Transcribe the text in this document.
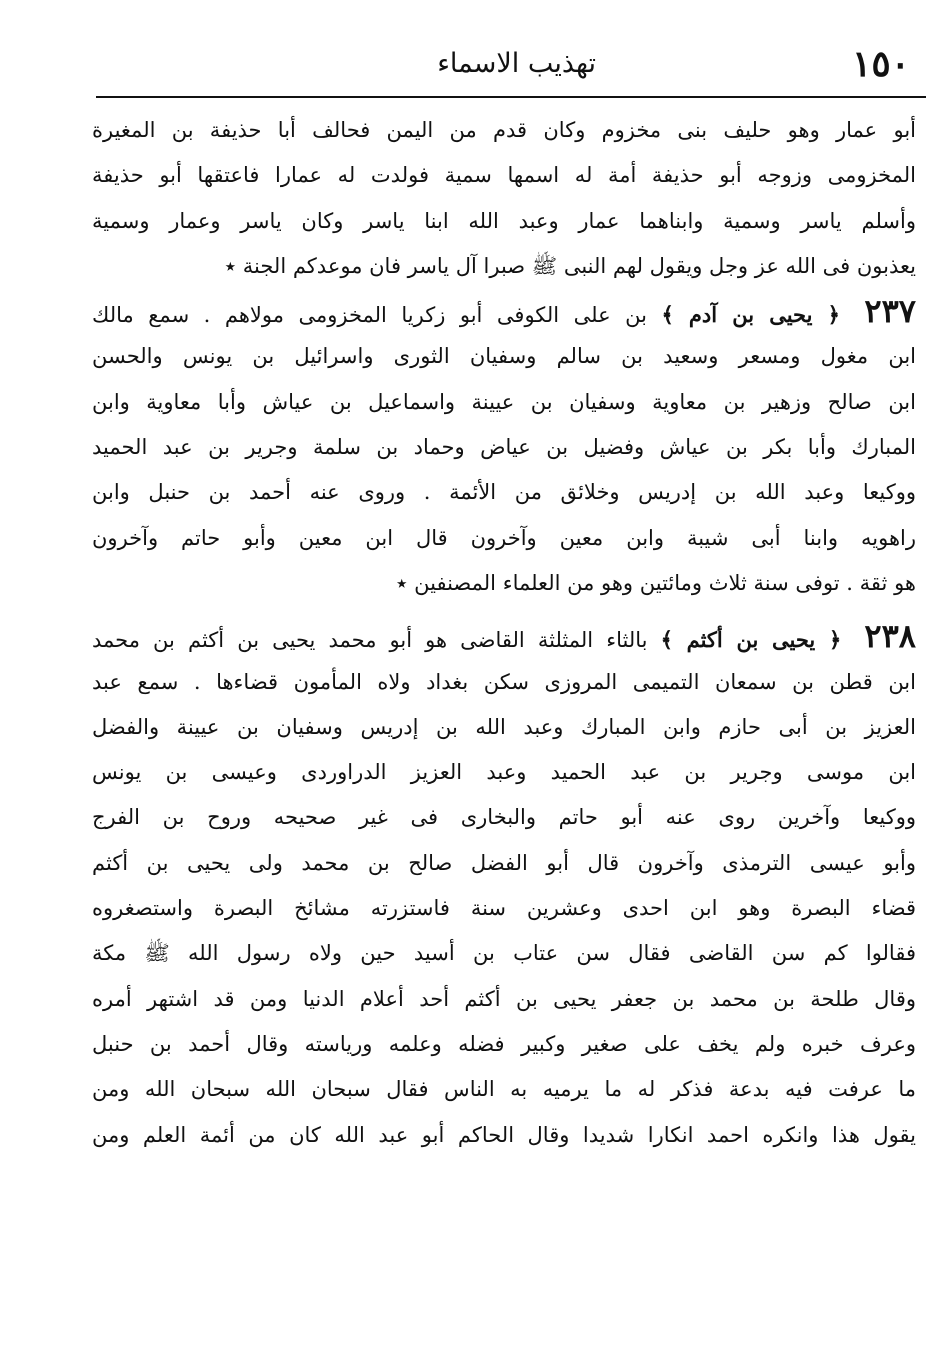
١٥٠
تهذيب الاسماء
أبو عمار وهو حليف بنى مخزوم وكان قدم من اليمن فحالف أبا حذيفة بن المغيرة
المخزومى وزوجه أبو حذيفة أمة له اسمها سمية فولدت له عمارا فاعتقها أبو حذيفة
وأسلم ياسر وسمية وابناهما عمار وعبد الله ابنا ياسر وكان ياسر وعمار وسمية
يعذبون فى الله عز وجل ويقول لهم النبى ﷺ صبرا آل ياسر فان موعدكم الجنة ٭
٢٣٧ ﴿ يحيى بن آدم ﴾ بن على الكوفى أبو زكريا المخزومى مولاهم . سمع مالك
ابن مغول ومسعر وسعيد بن سالم وسفيان الثورى واسرائيل بن يونس والحسن
ابن صالح وزهير بن معاوية وسفيان بن عيينة واسماعيل بن عياش وأبا معاوية وابن
المبارك وأبا بكر بن عياش وفضيل بن عياض وحماد بن سلمة وجرير بن عبد الحميد
ووكيعا وعبد الله بن إدريس وخلائق من الأئمة . وروى عنه أحمد بن حنبل وابن
راهويه وابنا أبى شيبة وابن معين وآخرون قال ابن معين وأبو حاتم وآخرون
هو ثقة . توفى سنة ثلاث ومائتين وهو من العلماء المصنفين ٭
٢٣٨ ﴿ يحيى بن أكثم ﴾ بالثاء المثلثة القاضى هو أبو محمد يحيى بن أكثم بن محمد
ابن قطن بن سمعان التميمى المروزى سكن بغداد ولاه المأمون قضاءها . سمع عبد
العزيز بن أبى حازم وابن المبارك وعبد الله بن إدريس وسفيان بن عيينة والفضل
ابن موسى وجرير بن عبد الحميد وعبد العزيز الدراوردى وعيسى بن يونس
ووكيعا وآخرين روى عنه أبو حاتم والبخارى فى غير صحيحه وروح بن الفرج
وأبو عيسى الترمذى وآخرون قال أبو الفضل صالح بن محمد ولى يحيى بن أكثم
قضاء البصرة وهو ابن احدى وعشرين سنة فاستزرته مشائخ البصرة واستصغروه
فقالوا كم سن القاضى فقال سن عتاب بن أسيد حين ولاه رسول الله ﷺ مكة
وقال طلحة بن محمد بن جعفر يحيى بن أكثم أحد أعلام الدنيا ومن قد اشتهر أمره
وعرف خبره ولم يخف على صغير وكبير فضله وعلمه ورياسته وقال أحمد بن حنبل
ما عرفت فيه بدعة فذكر له ما يرميه به الناس فقال سبحان الله سبحان الله ومن
يقول هذا وانكره احمد انكارا شديدا وقال الحاكم أبو عبد الله كان من أئمة العلم ومن
